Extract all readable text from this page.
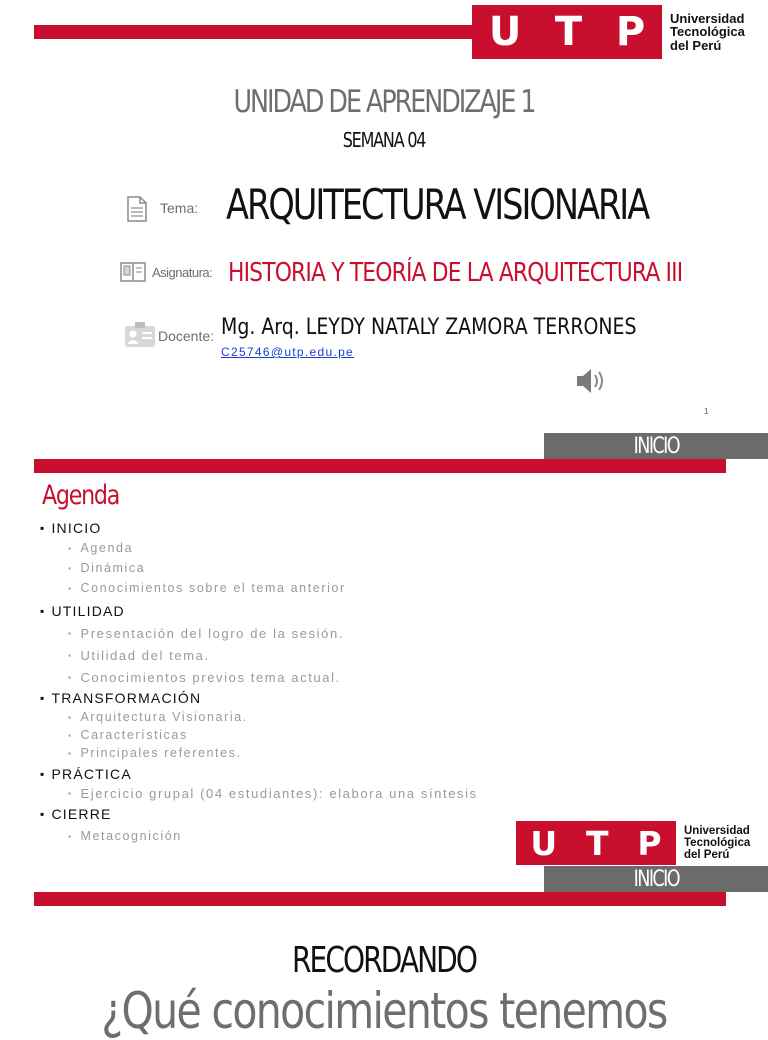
U T P Universidad
Tecnológica
del Perú
UNIDAD DE APRENDIZAJE 1
SEMANA 04
Tema: ARQUITECTURA VISIONARIA
Asignatura: HISTORIA Y TEORÍA DE LA ARQUITECTURA III
Docente: Mg. Arq. LEYDY NATALY ZAMORA TERRONES
C25746@utp.edu.pe
1
INICIO
Agenda
▪ INICIO
▪ Agenda
▪ Dinámica
▪ Conocimientos sobre el tema anterior
▪ UTILIDAD
▪ Presentación del logro de la sesión.
▪ Utilidad del tema.
▪ Conocimientos previos tema actual.
▪ TRANSFORMACIÓN
▪ Arquitectura Visionaria.
▪ Características
▪ Principales referentes.
▪ PRÁCTICA
▪ Ejercicio grupal (04 estudiantes): elabora una síntesis
▪ CIERRE
▪ Metacognición	U T P Universidad
Tecnológica
del Perú
INICIO
RECORDANDO
¿Qué conocimientos tenemos
